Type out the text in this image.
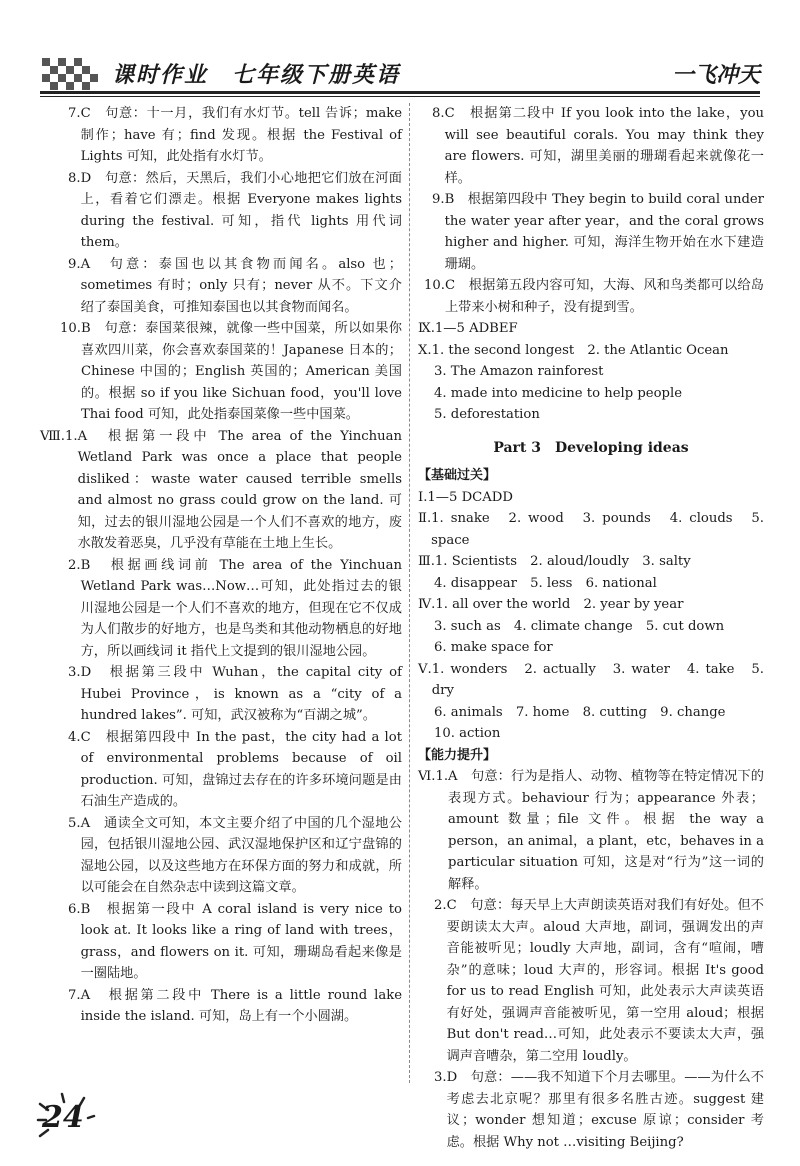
课时作业　七年级下册英语	一飞冲天
7. C　句意：十一月，我们有水灯节。tell 告诉；make 制作；have 有；find 发现。根据 the Festival of Lights 可知，此处指有水灯节。
8. D　句意：然后，天黑后，我们小心地把它们放在河面上，看着它们漂走。根据 Everyone makes lights during the festival. 可知，指代 lights 用代词 them。
9. A　句意：泰国也以其食物而闻名。also 也；sometimes 有时；only 只有；never 从不。下文介绍了泰国美食，可推知泰国也以其食物而闻名。
10. B　句意：泰国菜很辣，就像一些中国菜，所以如果你喜欢四川菜，你会喜欢泰国菜的！Japanese 日本的；Chinese 中国的；English 英国的；American 美国的。根据 so if you like Sichuan food，you'll love Thai food 可知，此处指泰国菜像一些中国菜。
Ⅷ.1. A　根据第一段中 The area of the Yinchuan Wetland Park was once a place that people disliked：waste water caused terrible smells and almost no grass could grow on the land. 可知，过去的银川湿地公园是一个人们不喜欢的地方，废水散发着恶臭，几乎没有草能在土地上生长。
2. B　根据画线词前 The area of the Yinchuan Wetland Park was…Now…可知，此处指过去的银川湿地公园是一个人们不喜欢的地方，但现在它不仅成为人们散步的好地方，也是鸟类和其他动物栖息的好地方，所以画线词 it 指代上文提到的银川湿地公园。
3. D　根据第三段中 Wuhan，the capital city of Hubei Province，is known as a “city of a hundred lakes”. 可知，武汉被称为“百湖之城”。
4. C　根据第四段中 In the past，the city had a lot of environmental problems because of oil production. 可知，盘锦过去存在的许多环境问题是由石油生产造成的。
5. A　通读全文可知，本文主要介绍了中国的几个湿地公园，包括银川湿地公园、武汉湿地保护区和辽宁盘锦的湿地公园，以及这些地方在环保方面的努力和成就，所以可能会在自然杂志中读到这篇文章。
6. B　根据第一段中 A coral island is very nice to look at. It looks like a ring of land with trees，grass，and flowers on it. 可知，珊瑚岛看起来像是一圈陆地。
7. A　根据第二段中 There is a little round lake inside the island. 可知，岛上有一个小圆湖。
8. C　根据第二段中 If you look into the lake，you will see beautiful corals. You may think they are flowers. 可知，湖里美丽的珊瑚看起来就像花一样。
9. B　根据第四段中 They begin to build coral under the water year after year，and the coral grows higher and higher. 可知，海洋生物开始在水下建造珊瑚。
10. C　根据第五段内容可知，大海、风和鸟类都可以给岛上带来小树和种子，没有提到雪。
Ⅸ. 1—5 ADBEF
Ⅹ. 1. the second longest　2. the Atlantic Ocean
3. The Amazon rainforest
4. made into medicine to help people
5. deforestation
Part 3　Developing ideas
【基础过关】
Ⅰ. 1—5 DCADD
Ⅱ. 1. snake　2. wood　3. pounds　4. clouds　5. space
Ⅲ. 1. Scientists　2. aloud/loudly　3. salty
4. disappear　5. less　6. national
Ⅳ. 1. all over the world　2. year by year
3. such as　4. climate change　5. cut down
6. make space for
Ⅴ. 1. wonders　2. actually　3. water　4. take　5. dry
6. animals　7. home　8. cutting　9. change
10. action
【能力提升】
Ⅵ.1. A　句意：行为是指人、动物、植物等在特定情况下的表现方式。behaviour 行为；appearance 外表；amount 数量；file 文件。根据 the way a person，an animal，a plant，etc，behaves in a particular situation 可知，这是对“行为”这一词的解释。
2. C　句意：每天早上大声朗读英语对我们有好处。但不要朗读太大声。aloud 大声地，副词，强调发出的声音能被听见；loudly 大声地，副词，含有“喧闹，嘈杂”的意味；loud 大声的，形容词。根据 It's good for us to read English 可知，此处表示大声读英语有好处，强调声音能被听见，第一空用 aloud；根据 But don't read…可知，此处表示不要读太大声，强调声音嘈杂，第二空用 loudly。
3. D　句意：——我不知道下个月去哪里。——为什么不考虑去北京呢？那里有很多名胜古迹。suggest 建议；wonder 想知道；excuse 原谅；consider 考虑。根据 Why not …visiting Beijing?
24
